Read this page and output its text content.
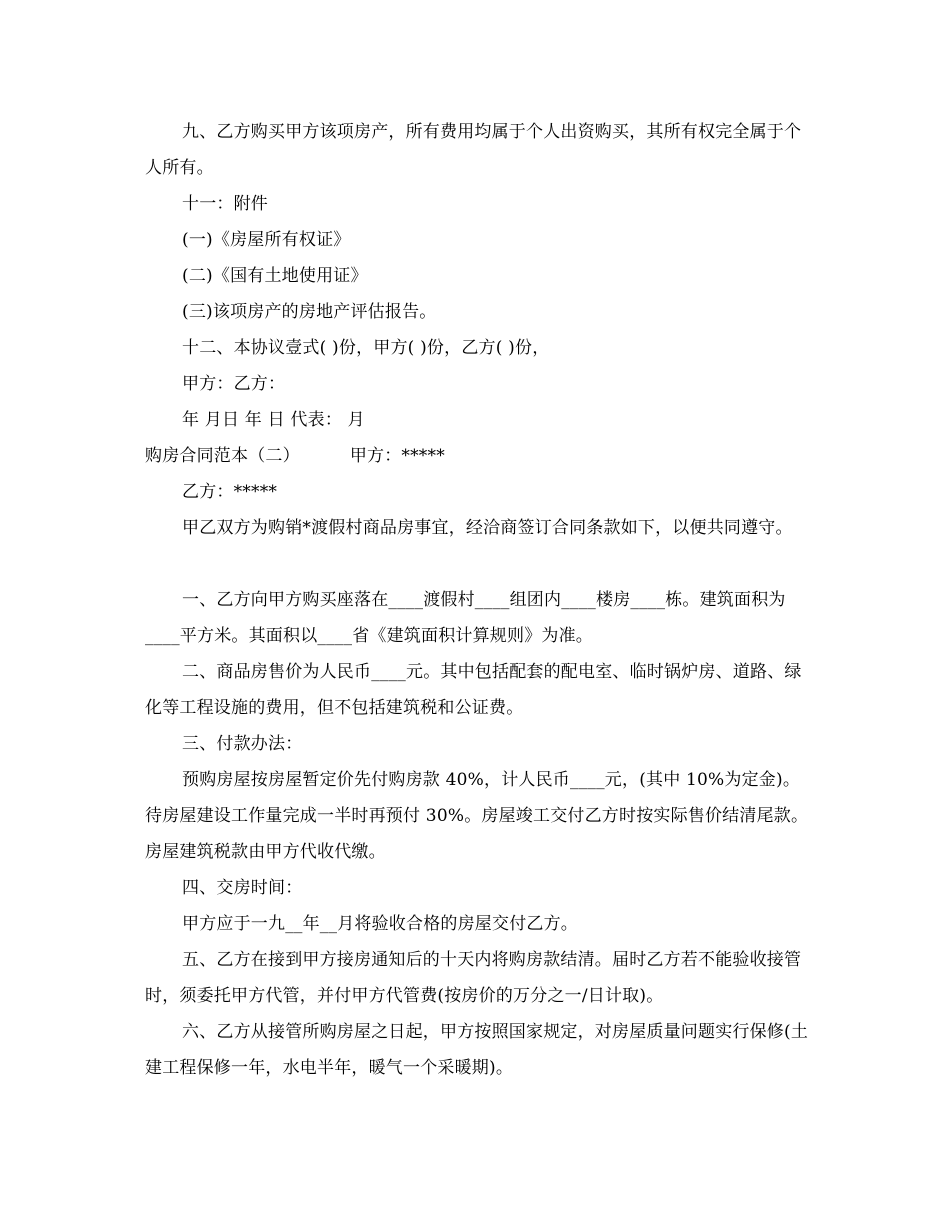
九、乙方购买甲方该项房产，所有费用均属于个人出资购买，其所有权完全属于个人所有。

十一：附件

(一)《房屋所有权证》

(二)《国有土地使用证》

(三)该项房产的房地产评估报告。

十二、本协议壹式( )份，甲方( )份，乙方( )份，

甲方：乙方：

年 月日 年 日 代表： 月

购房合同范本（二）	甲方：*****

乙方：*****

甲乙双方为购销*渡假村商品房事宜，经洽商签订合同条款如下，以便共同遵守。

一、乙方向甲方购买座落在____渡假村____组团内____楼房____栋。建筑面积为____平方米。其面积以____省《建筑面积计算规则》为准。

二、商品房售价为人民币____元。其中包括配套的配电室、临时锅炉房、道路、绿化等工程设施的费用，但不包括建筑税和公证费。

三、付款办法：

预购房屋按房屋暂定价先付购房款 40%，计人民币____元，(其中 10%为定金)。待房屋建设工作量完成一半时再预付 30%。房屋竣工交付乙方时按实际售价结清尾款。房屋建筑税款由甲方代收代缴。

四、交房时间：

甲方应于一九__年__月将验收合格的房屋交付乙方。

五、乙方在接到甲方接房通知后的十天内将购房款结清。届时乙方若不能验收接管时，须委托甲方代管，并付甲方代管费(按房价的万分之一/日计取)。

六、乙方从接管所购房屋之日起，甲方按照国家规定，对房屋质量问题实行保修(土建工程保修一年，水电半年，暖气一个采暖期)。
